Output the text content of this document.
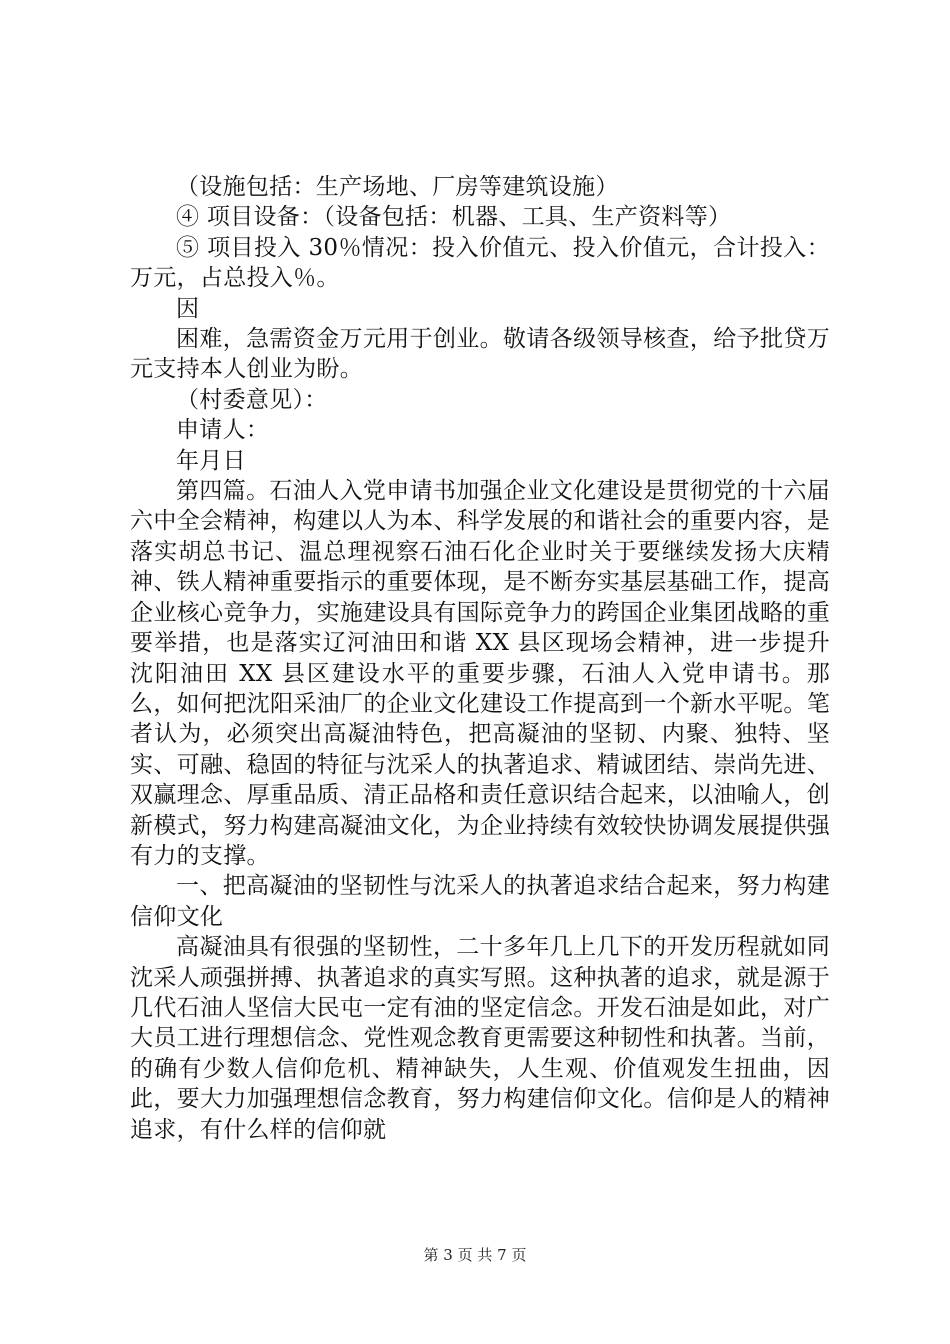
（设施包括：生产场地、厂房等建筑设施）

④ 项目设备：（设备包括：机器、工具、生产资料等）

⑤ 项目投入 30％情况：投入价值元、投入价值元，合计投入：万元，占总投入％。

因

困难，急需资金万元用于创业。敬请各级领导核查，给予批贷万元支持本人创业为盼。

（村委意见）：

申请人：

年月日

第四篇。石油人入党申请书加强企业文化建设是贯彻党的十六届六中全会精神，构建以人为本、科学发展的和谐社会的重要内容，是落实胡总书记、温总理视察石油石化企业时关于要继续发扬大庆精神、铁人精神重要指示的重要体现，是不断夯实基层基础工作，提高企业核心竞争力，实施建设具有国际竞争力的跨国企业集团战略的重要举措，也是落实辽河油田和谐 XX 县区现场会精神，进一步提升沈阳油田 XX 县区建设水平的重要步骤，石油人入党申请书。那么，如何把沈阳采油厂的企业文化建设工作提高到一个新水平呢。笔者认为，必须突出高凝油特色，把高凝油的坚韧、内聚、独特、坚实、可融、稳固的特征与沈采人的执著追求、精诚团结、崇尚先进、双赢理念、厚重品质、清正品格和责任意识结合起来，以油喻人，创新模式，努力构建高凝油文化，为企业持续有效较快协调发展提供强有力的支撑。

一、把高凝油的坚韧性与沈采人的执著追求结合起来，努力构建信仰文化

高凝油具有很强的坚韧性，二十多年几上几下的开发历程就如同沈采人顽强拼搏、执著追求的真实写照。这种执著的追求，就是源于几代石油人坚信大民屯一定有油的坚定信念。开发石油是如此，对广大员工进行理想信念、党性观念教育更需要这种韧性和执著。当前，的确有少数人信仰危机、精神缺失，人生观、价值观发生扭曲，因此，要大力加强理想信念教育，努力构建信仰文化。信仰是人的精神追求，有什么样的信仰就

第 3 页 共 7 页
